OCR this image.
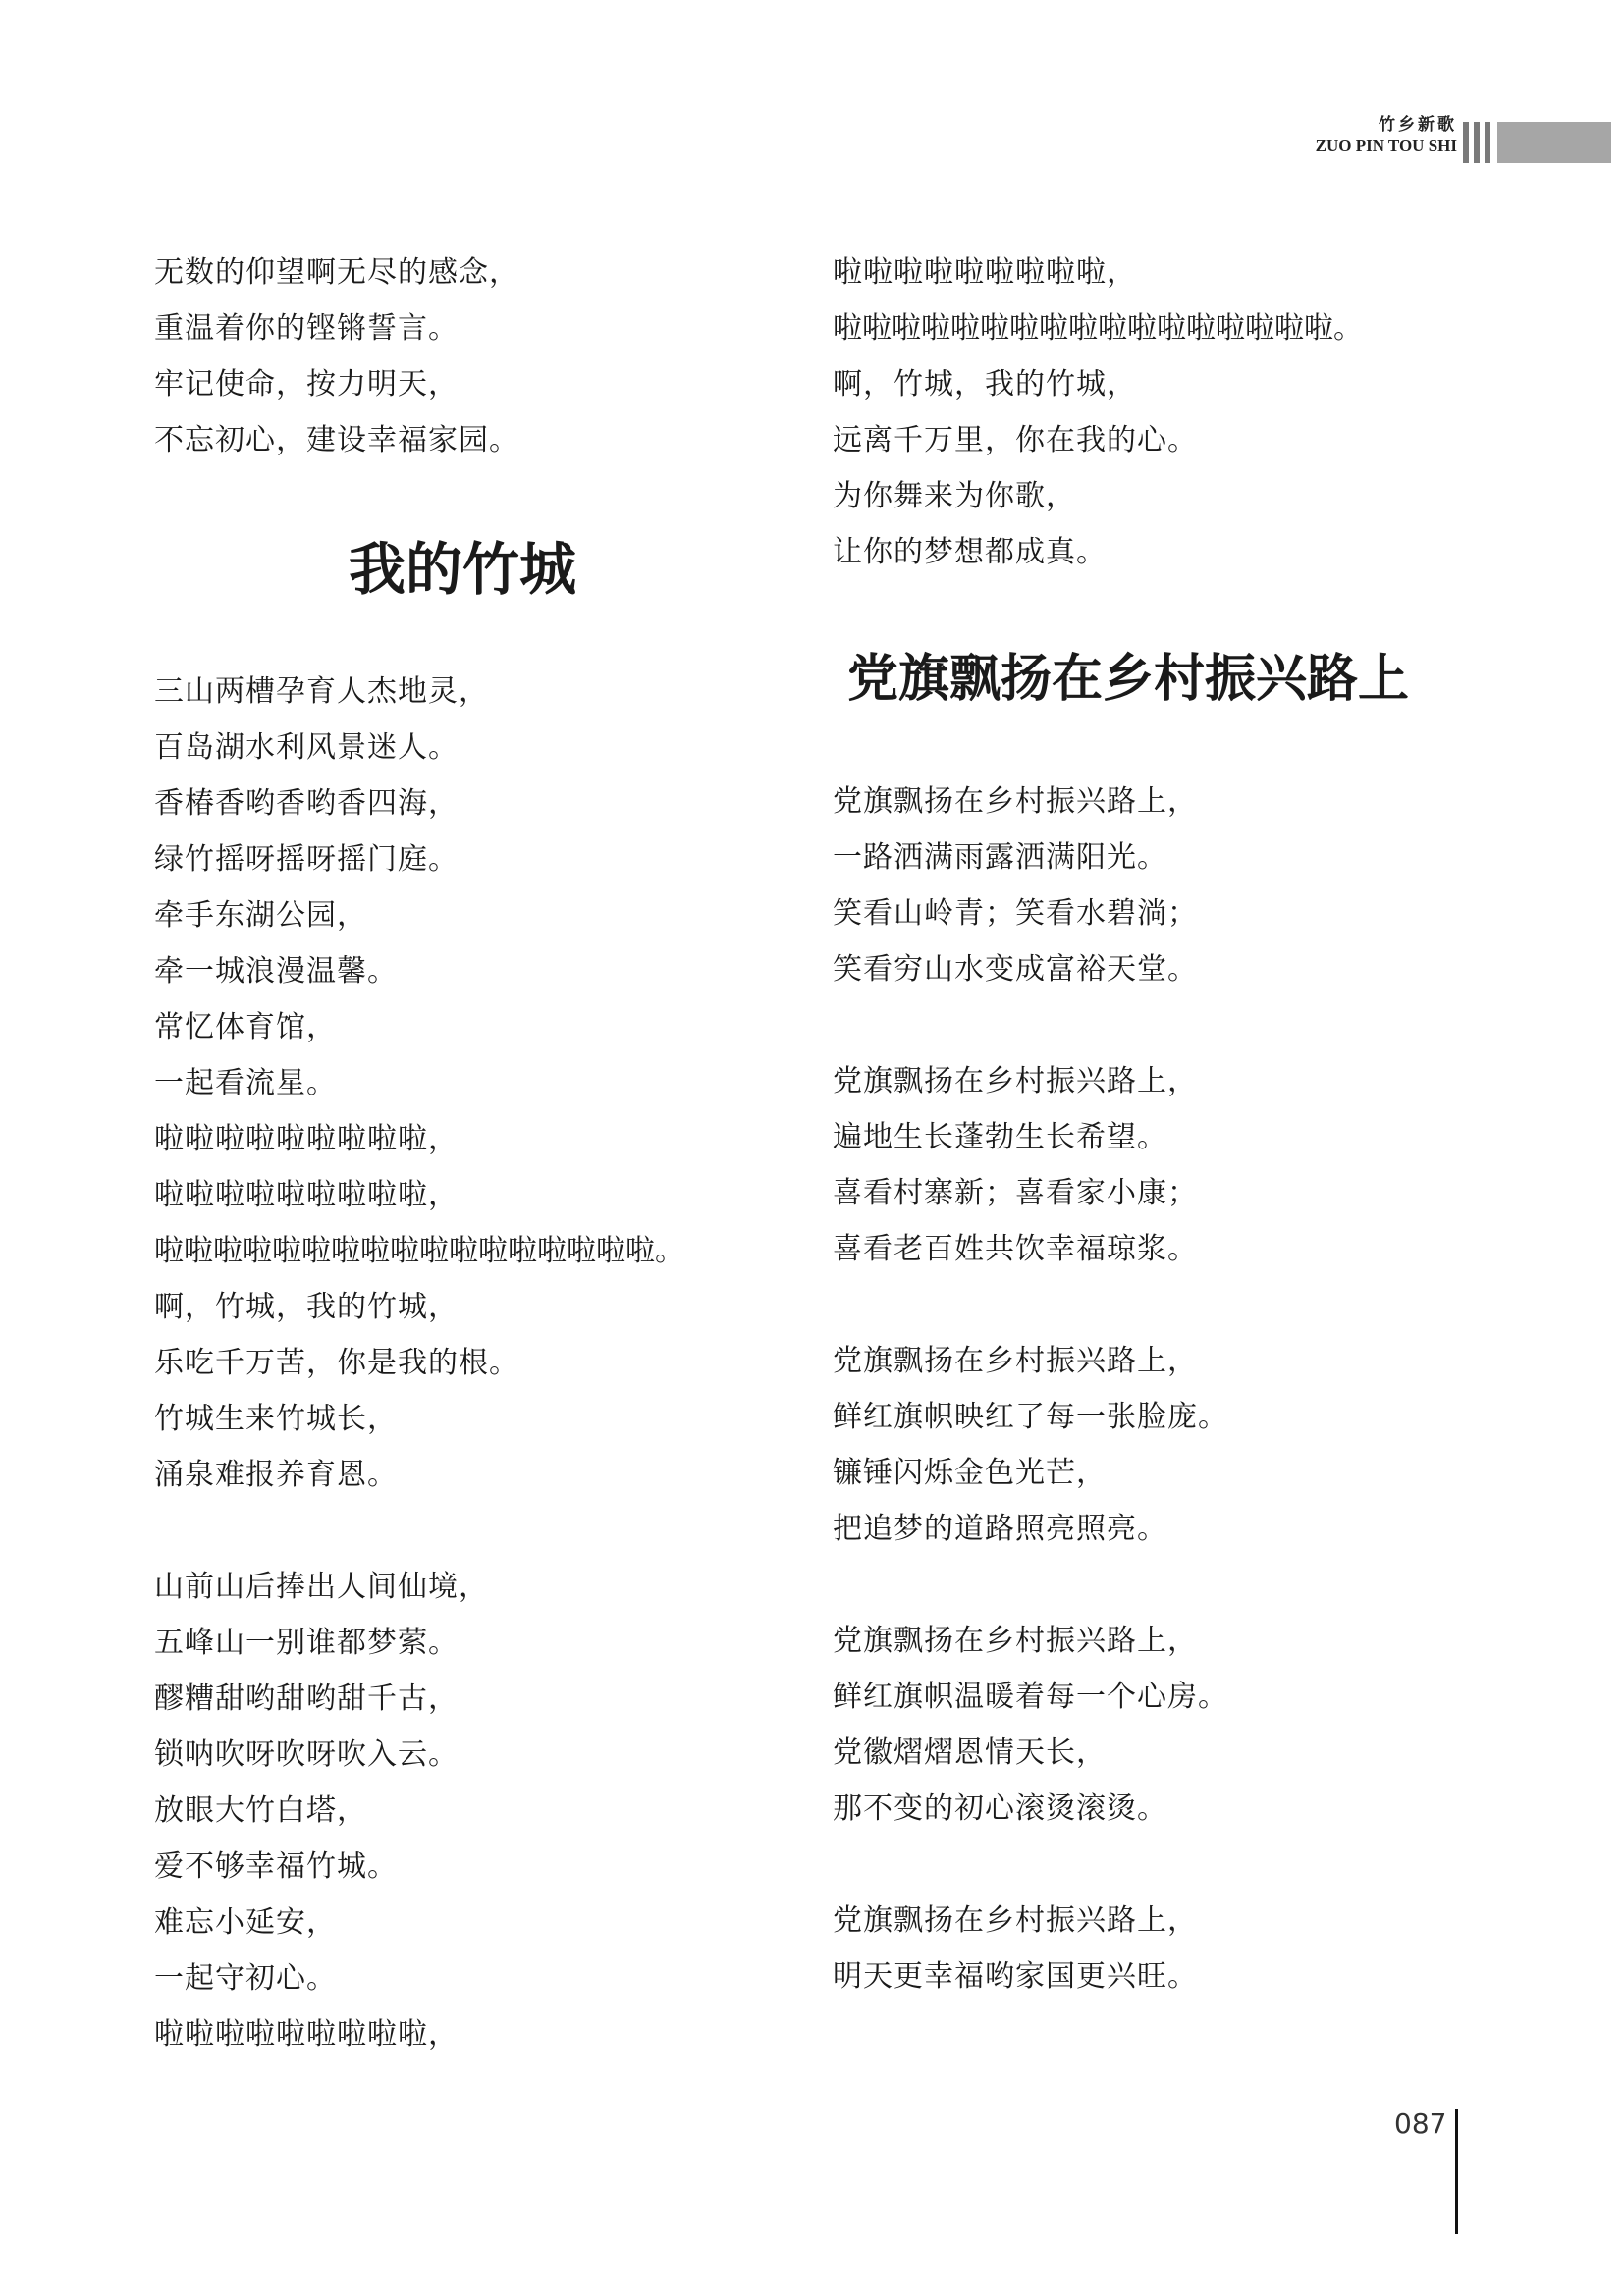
竹乡新歌
ZUO PIN TOU SHI
无数的仰望啊无尽的感念，
重温着你的铿锵誓言。
牢记使命，按力明天，
不忘初心，建设幸福家园。
我的竹城
三山两槽孕育人杰地灵，
百岛湖水利风景迷人。
香椿香哟香哟香四海，
绿竹摇呀摇呀摇门庭。
牵手东湖公园，
牵一城浪漫温馨。
常忆体育馆，
一起看流星。
啦啦啦啦啦啦啦啦啦，
啦啦啦啦啦啦啦啦啦，
啦啦啦啦啦啦啦啦啦啦啦啦啦啦啦啦啦。
啊，竹城，我的竹城，
乐吃千万苦，你是我的根。
竹城生来竹城长，
涌泉难报养育恩。
山前山后捧出人间仙境，
五峰山一别谁都梦萦。
醪糟甜哟甜哟甜千古，
锁呐吹呀吹呀吹入云。
放眼大竹白塔，
爱不够幸福竹城。
难忘小延安，
一起守初心。
啦啦啦啦啦啦啦啦啦，
啦啦啦啦啦啦啦啦啦，
啦啦啦啦啦啦啦啦啦啦啦啦啦啦啦啦啦。
啊，竹城，我的竹城，
远离千万里，你在我的心。
为你舞来为你歌，
让你的梦想都成真。
党旗飘扬在乡村振兴路上
党旗飘扬在乡村振兴路上，
一路洒满雨露洒满阳光。
笑看山岭青；笑看水碧淌；
笑看穷山水变成富裕天堂。
党旗飘扬在乡村振兴路上，
遍地生长蓬勃生长希望。
喜看村寨新；喜看家小康；
喜看老百姓共饮幸福琼浆。
党旗飘扬在乡村振兴路上，
鲜红旗帜映红了每一张脸庞。
镰锤闪烁金色光芒，
把追梦的道路照亮照亮。
党旗飘扬在乡村振兴路上，
鲜红旗帜温暖着每一个心房。
党徽熠熠恩情天长，
那不变的初心滚烫滚烫。
党旗飘扬在乡村振兴路上，
明天更幸福哟家国更兴旺。
087
